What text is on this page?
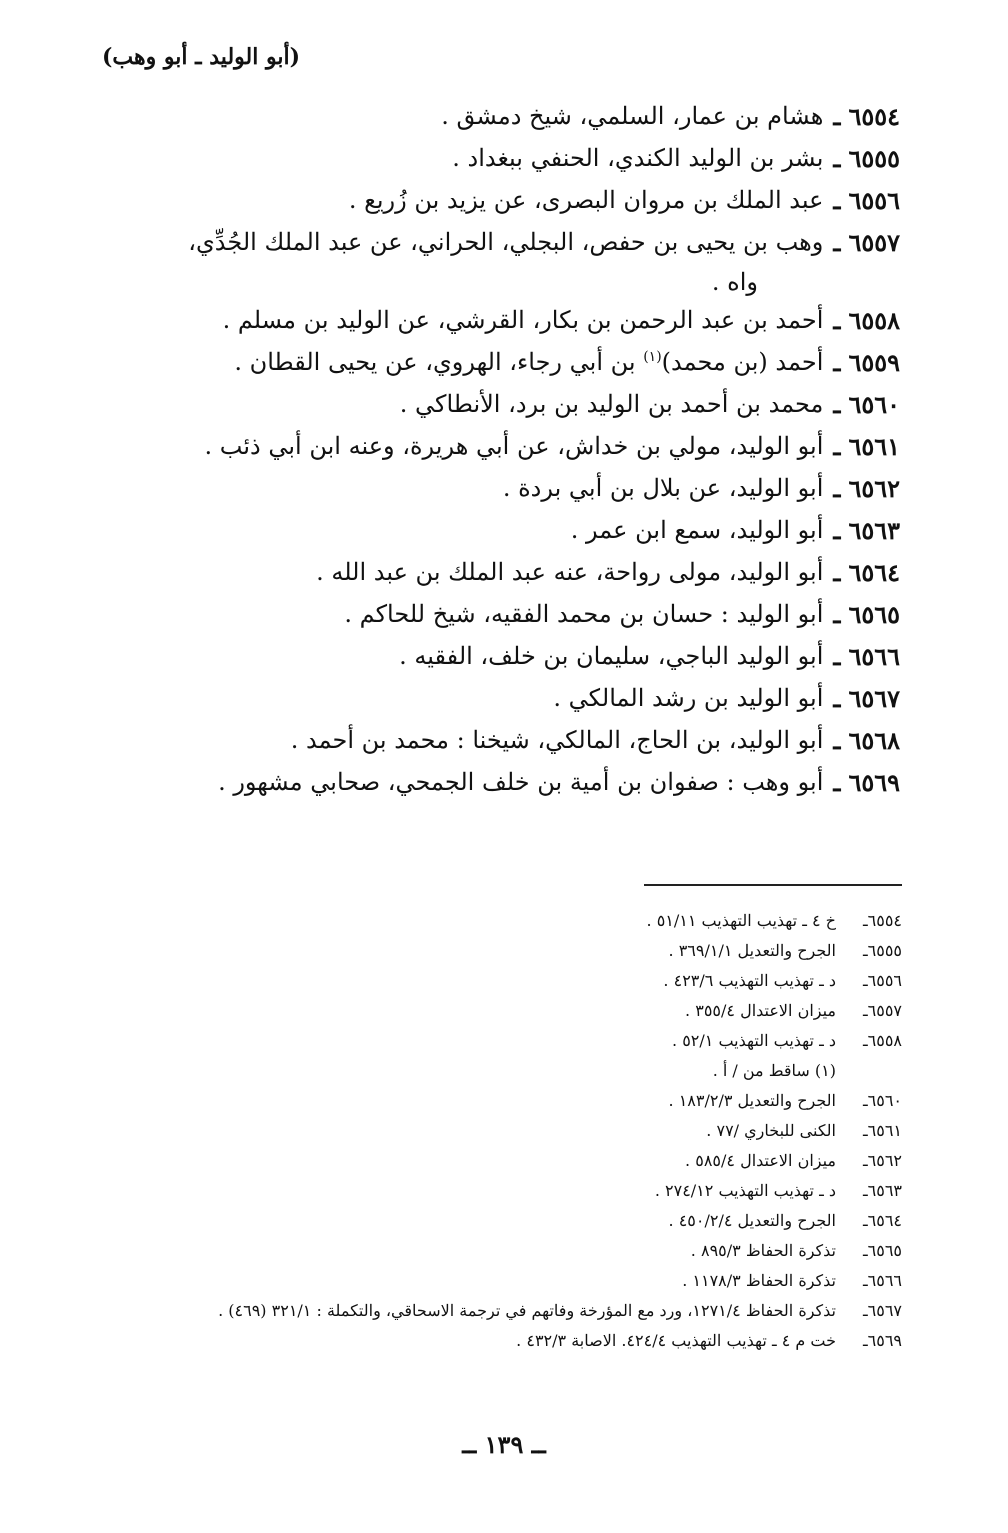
(أبو الوليد ـ أبو وهب)
٦٥٥٤
ـ
هشام بن عمار، السلمي، شيخ دمشق .
٦٥٥٥
ـ
بشر بن الوليد الكندي، الحنفي ببغداد .
٦٥٥٦
ـ
عبد الملك بن مروان البصرى، عن يزيد بن زُريع .
٦٥٥٧
ـ
وهب بن يحيى بن حفص، البجلي، الحراني، عن عبد الملك الجُدِّي،
واه .
٦٥٥٨
ـ
أحمد بن عبد الرحمن بن بكار، القرشي، عن الوليد بن مسلم .
٦٥٥٩
ـ
أحمد (بن محمد)$^{(١)}$ بن أبي رجاء، الهروي، عن يحيى القطان .
٦٥٦٠
ـ
محمد بن أحمد بن الوليد بن برد، الأنطاكي .
٦٥٦١
ـ
أبو الوليد، مولي بن خداش، عن أبي هريرة، وعنه ابن أبي ذئب .
٦٥٦٢
ـ
أبو الوليد، عن بلال بن أبي بردة .
٦٥٦٣
ـ
أبو الوليد، سمع ابن عمر .
٦٥٦٤
ـ
أبو الوليد، مولى رواحة، عنه عبد الملك بن عبد الله .
٦٥٦٥
ـ
أبو الوليد : حسان بن محمد الفقيه، شيخ للحاكم .
٦٥٦٦
ـ
أبو الوليد الباجي، سليمان بن خلف، الفقيه .
٦٥٦٧
ـ
أبو الوليد بن رشد المالكي .
٦٥٦٨
ـ
أبو الوليد، بن الحاج، المالكي، شيخنا : محمد بن أحمد .
٦٥٦٩
ـ
أبو وهب : صفوان بن أمية بن خلف الجمحي، صحابي مشهور .
٦٥٥٤ـ
خ ٤ ـ تهذيب التهذيب ٥١/١١ .
٦٥٥٥ـ
الجرح والتعديل ٣٦٩/١/١ .
٦٥٥٦ـ
د ـ تهذيب التهذيب ٤٢٣/٦ .
٦٥٥٧ـ
ميزان الاعتدال ٣٥٥/٤ .
٦٥٥٨ـ
د ـ تهذيب التهذيب ٥٢/١ .
(١) ساقط من / أ .
٦٥٦٠ـ
الجرح والتعديل ١٨٣/٢/٣ .
٦٥٦١ـ
الكنى للبخاري /٧٧ .
٦٥٦٢ـ
ميزان الاعتدال ٥٨٥/٤ .
٦٥٦٣ـ
د ـ تهذيب التهذيب ٢٧٤/١٢ .
٦٥٦٤ـ
الجرح والتعديل ٤٥٠/٢/٤ .
٦٥٦٥ـ
تذكرة الحفاظ ٨٩٥/٣ .
٦٥٦٦ـ
تذكرة الحفاظ ١١٧٨/٣ .
٦٥٦٧ـ
تذكرة الحفاظ ١٢٧١/٤، ورد مع المؤرخة وفاتهم في ترجمة الاسحاقي، والتكملة : ٣٢١/١ (٤٦٩) .
٦٥٦٩ـ
خت م ٤ ـ تهذيب التهذيب ٤٢٤/٤. الاصابة ٤٣٢/٣ .
ــ ١٣٩ ــ
